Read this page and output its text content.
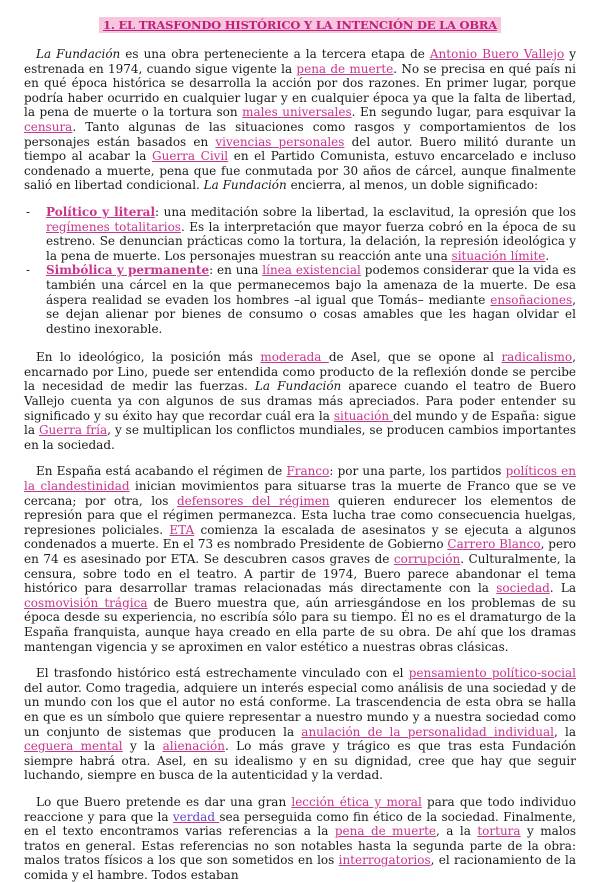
1. EL TRASFONDO HISTÓRICO Y LA INTENCIÓN DE LA OBRA

La Fundación es una obra perteneciente a la tercera etapa de Antonio Buero Vallejo y estrenada en 1974, cuando sigue vigente la pena de muerte. No se precisa en qué país ni en qué época histórica se desarrolla la acción por dos razones. En primer lugar, porque podría haber ocurrido en cualquier lugar y en cualquier época ya que la falta de libertad, la pena de muerte o la tortura son males universales. En segundo lugar, para esquivar la censura. Tanto algunas de las situaciones como rasgos y comportamientos de los personajes están basados en vivencias personales del autor. Buero militó durante un tiempo al acabar la Guerra Civil en el Partido Comunista, estuvo encarcelado e incluso condenado a muerte, pena que fue conmutada por 30 años de cárcel, aunque finalmente salió en libertad condicional. La Fundación encierra, al menos, un doble significado:

- Político y literal: una meditación sobre la libertad, la esclavitud, la opresión que los regímenes totalitarios. Es la interpretación que mayor fuerza cobró en la época de su estreno. Se denuncian prácticas como la tortura, la delación, la represión ideológica y la pena de muerte. Los personajes muestran su reacción ante una situación límite.
- Simbólica y permanente: en una línea existencial podemos considerar que la vida es también una cárcel en la que permanecemos bajo la amenaza de la muerte. De esa áspera realidad se evaden los hombres –al igual que Tomás– mediante ensoñaciones, se dejan alienar por bienes de consumo o cosas amables que les hagan olvidar el destino inexorable.

En lo ideológico, la posición más moderada de Asel, que se opone al radicalismo, encarnado por Lino, puede ser entendida como producto de la reflexión donde se percibe la necesidad de medir las fuerzas. La Fundación aparece cuando el teatro de Buero Vallejo cuenta ya con algunos de sus dramas más apreciados. Para poder entender su significado y su éxito hay que recordar cuál era la situación del mundo y de España: sigue la Guerra fría, y se multiplican los conflictos mundiales, se producen cambios importantes en la sociedad.

En España está acabando el régimen de Franco: por una parte, los partidos políticos en la clandestinidad inician movimientos para situarse tras la muerte de Franco que se ve cercana; por otra, los defensores del régimen quieren endurecer los elementos de represión para que el régimen permanezca. Esta lucha trae como consecuencia huelgas, represiones policiales. ETA comienza la escalada de asesinatos y se ejecuta a algunos condenados a muerte. En el 73 es nombrado Presidente de Gobierno Carrero Blanco, pero en 74 es asesinado por ETA. Se descubren casos graves de corrupción. Culturalmente, la censura, sobre todo en el teatro. A partir de 1974, Buero parece abandonar el tema histórico para desarrollar tramas relacionadas más directamente con la sociedad. La cosmovisión trágica de Buero muestra que, aún arriesgándose en los problemas de su época desde su experiencia, no escribía sólo para su tiempo. Él no es el dramaturgo de la España franquista, aunque haya creado en ella parte de su obra. De ahí que los dramas mantengan vigencia y se aproximen en valor estético a nuestras obras clásicas.

El trasfondo histórico está estrechamente vinculado con el pensamiento político-social del autor. Como tragedia, adquiere un interés especial como análisis de una sociedad y de un mundo con los que el autor no está conforme. La trascendencia de esta obra se halla en que es un símbolo que quiere representar a nuestro mundo y a nuestra sociedad como un conjunto de sistemas que producen la anulación de la personalidad individual, la ceguera mental y la alienación. Lo más grave y trágico es que tras esta Fundación siempre habrá otra. Asel, en su idealismo y en su dignidad, cree que hay que seguir luchando, siempre en busca de la autenticidad y la verdad.

Lo que Buero pretende es dar una gran lección ética y moral para que todo individuo reaccione y para que la verdad sea perseguida como fin ético de la sociedad. Finalmente, en el texto encontramos varias referencias a la pena de muerte, a la tortura y malos tratos en general. Estas referencias no son notables hasta la segunda parte de la obra: malos tratos físicos a los que son sometidos en los interrogatorios, el racionamiento de la comida y el hambre. Todos estaban
